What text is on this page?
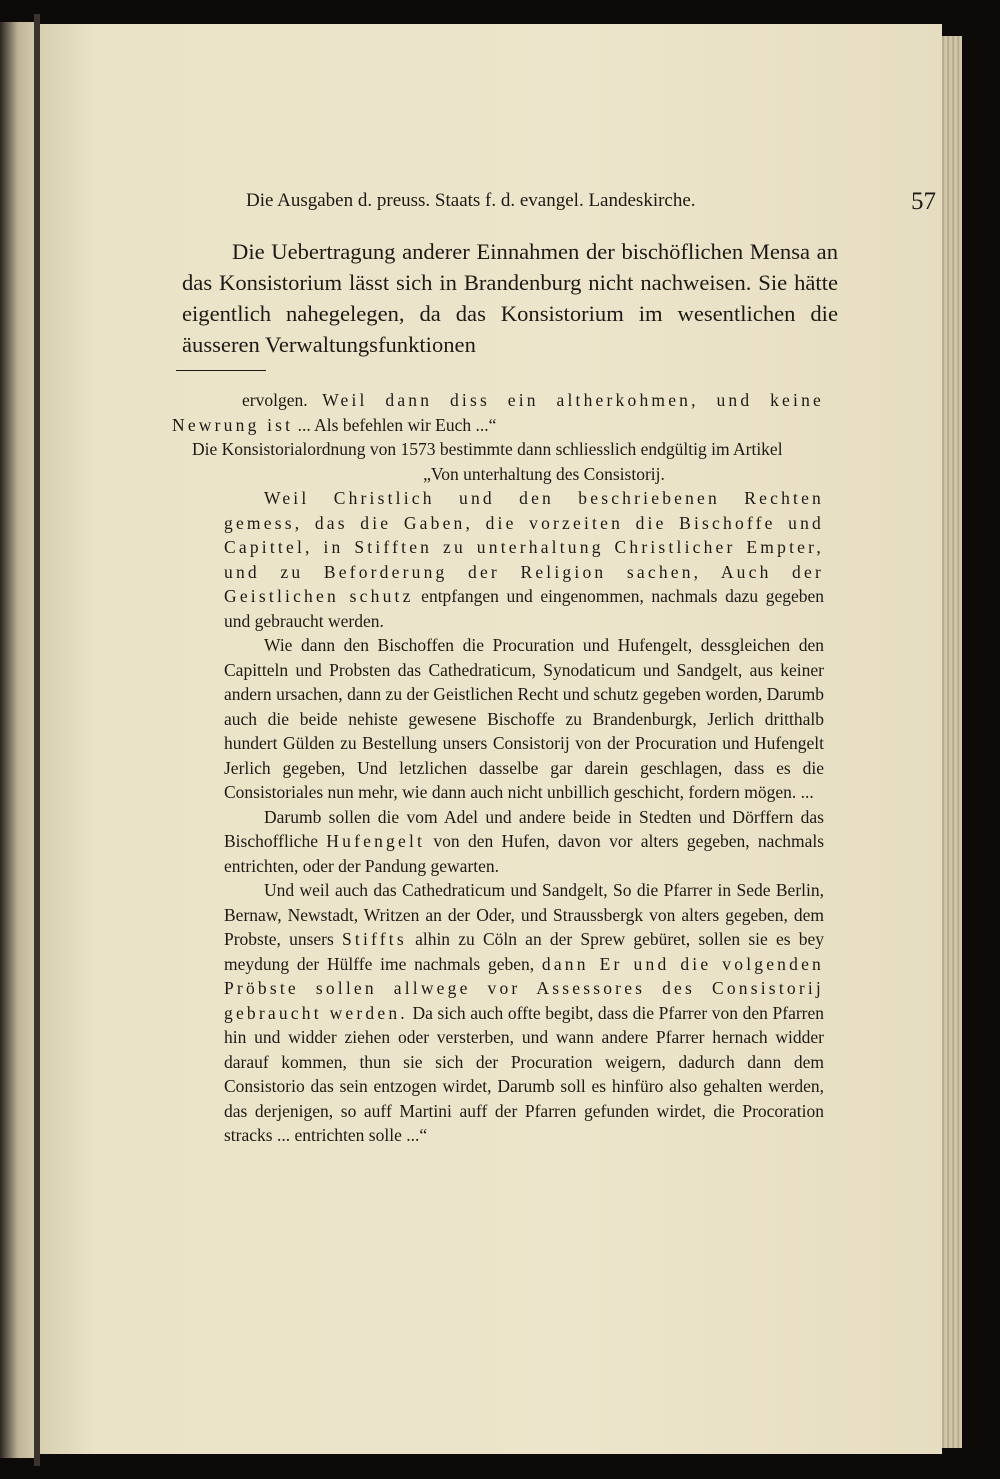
Die Ausgaben d. preuss. Staats f. d. evangel. Landeskirche.	57

Die Uebertragung anderer Einnahmen der bischöflichen Mensa an das Konsistorium lässt sich in Brandenburg nicht nachweisen. Sie hätte eigentlich nahegelegen, da das Konsistorium im wesentlichen die äusseren Verwaltungsfunktionen

ervolgen. Weil dann diss ein altherkohmen, und keine Newrung ist ... Als befehlen wir Euch ...“

Die Konsistorialordnung von 1573 bestimmte dann schliesslich endgültig im Artikel

„Von unterhaltung des Consistorij.

Weil Christlich und den beschriebenen Rechten gemess, das die Gaben, die vorzeiten die Bischoffe und Capittel, in Stifften zu unterhaltung Christlicher Empter, und zu Beforderung der Religion sachen, Auch der Geistlichen schutz entpfangen und eingenommen, nachmals dazu gegeben und gebraucht werden.

Wie dann den Bischoffen die Procuration und Hufengelt, dessgleichen den Capitteln und Probsten das Cathedraticum, Synodaticum und Sandgelt, aus keiner andern ursachen, dann zu der Geistlichen Recht und schutz gegeben worden, Darumb auch die beide nehiste gewesene Bischoffe zu Brandenburgk, Jerlich dritthalb hundert Gülden zu Bestellung unsers Consistorij von der Procuration und Hufengelt Jerlich gegeben, Und letzlichen dasselbe gar darein geschlagen, dass es die Consistoriales nun mehr, wie dann auch nicht unbillich geschicht, fordern mögen. ...

Darumb sollen die vom Adel und andere beide in Stedten und Dörffern das Bischoffliche Hufengelt von den Hufen, davon vor alters gegeben, nachmals entrichten, oder der Pandung gewarten.

Und weil auch das Cathedraticum und Sandgelt, So die Pfarrer in Sede Berlin, Bernaw, Newstadt, Writzen an der Oder, und Straussbergk von alters gegeben, dem Probste, unsers Stiffts alhin zu Cöln an der Sprew gebüret, sollen sie es bey meydung der Hülffe ime nachmals geben, dann Er und die volgenden Pröbste sollen allwege vor Assessores des Consistorij gebraucht werden. Da sich auch offte begibt, dass die Pfarrer von den Pfarren hin und widder ziehen oder versterben, und wann andere Pfarrer hernach widder darauf kommen, thun sie sich der Procuration weigern, dadurch dann dem Consistorio das sein entzogen wirdet, Darumb soll es hinfüro also gehalten werden, das derjenigen, so auff Martini auff der Pfarren gefunden wirdet, die Procoration stracks ... entrichten solle ...“
